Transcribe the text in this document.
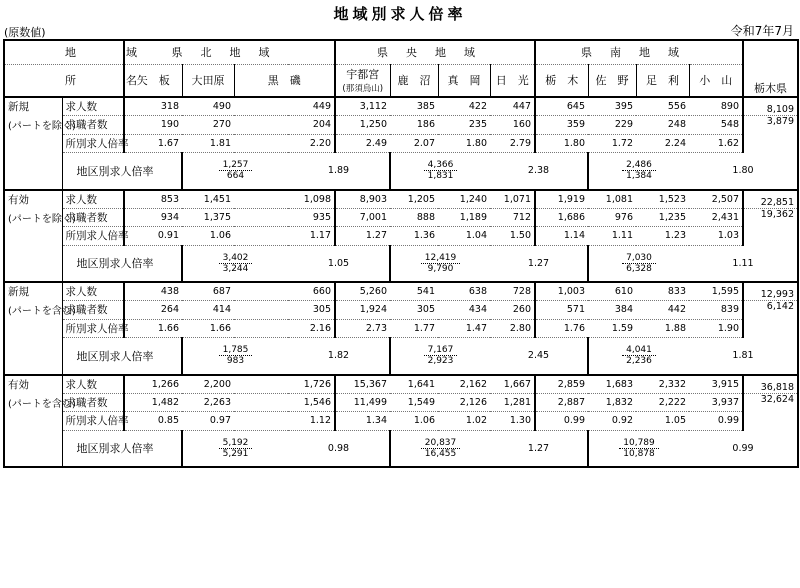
地域別求人倍率
(原数値)	令和7年7月
地 域		県北地域				県央地域				県南地域				栃木県	
所 名		矢　板	大田原	黒　磯		宇都宮
(那須烏山)	鹿　沼	真　岡	日　光	栃　木	佐　野	足　利	小　山		
新規	求人数	318	490	449		3,112	385	422	447	645	395	556	890	8,109	
(パートを除く)	求職者数	190	270	204		1,250	186	235	160	359	229	248	548	3,879	
	所別求人倍率	1.67	1.81	2.20		2.49	2.07	1.80	2.79	1.80	1.72	2.24	1.62		
	地区別求人倍率		$\frac{1,257}{664}$		1.89		$\frac{4,366}{1,831}$		2.38		$\frac{2,486}{1,384}$		1.80	
有効	求人数	853	1,451	1,098		8,903	1,205	1,240	1,071	1,919	1,081	1,523	2,507	22,851	
(パートを除く)	求職者数	934	1,375	935		7,001	888	1,189	712	1,686	976	1,235	2,431	19,362	
	所別求人倍率	0.91	1.06	1.17		1.27	1.36	1.04	1.50	1.14	1.11	1.23	1.03		
	地区別求人倍率		$\frac{3,402}{3,244}$		1.05		$\frac{12,419}{9,790}$		1.27		$\frac{7,030}{6,328}$		1.11	
新規	求人数	438	687	660		5,260	541	638	728	1,003	610	833	1,595	12,993	
(パートを含む)	求職者数	264	414	305		1,924	305	434	260	571	384	442	839	6,142	
	所別求人倍率	1.66	1.66	2.16		2.73	1.77	1.47	2.80	1.76	1.59	1.88	1.90		
	地区別求人倍率		$\frac{1,785}{983}$		1.82		$\frac{7,167}{2,923}$		2.45		$\frac{4,041}{2,236}$		1.81	
有効	求人数	1,266	2,200	1,726		15,367	1,641	2,162	1,667	2,859	1,683	2,332	3,915	36,818	
(パートを含む)	求職者数	1,482	2,263	1,546		11,499	1,549	2,126	1,281	2,887	1,832	2,222	3,937	32,624	
	所別求人倍率	0.85	0.97	1.12		1.34	1.06	1.02	1.30	0.99	0.92	1.05	0.99		
	地区別求人倍率		$\frac{5,192}{5,291}$		0.98		$\frac{20,837}{16,455}$		1.27		$\frac{10,789}{10,878}$		0.99	
